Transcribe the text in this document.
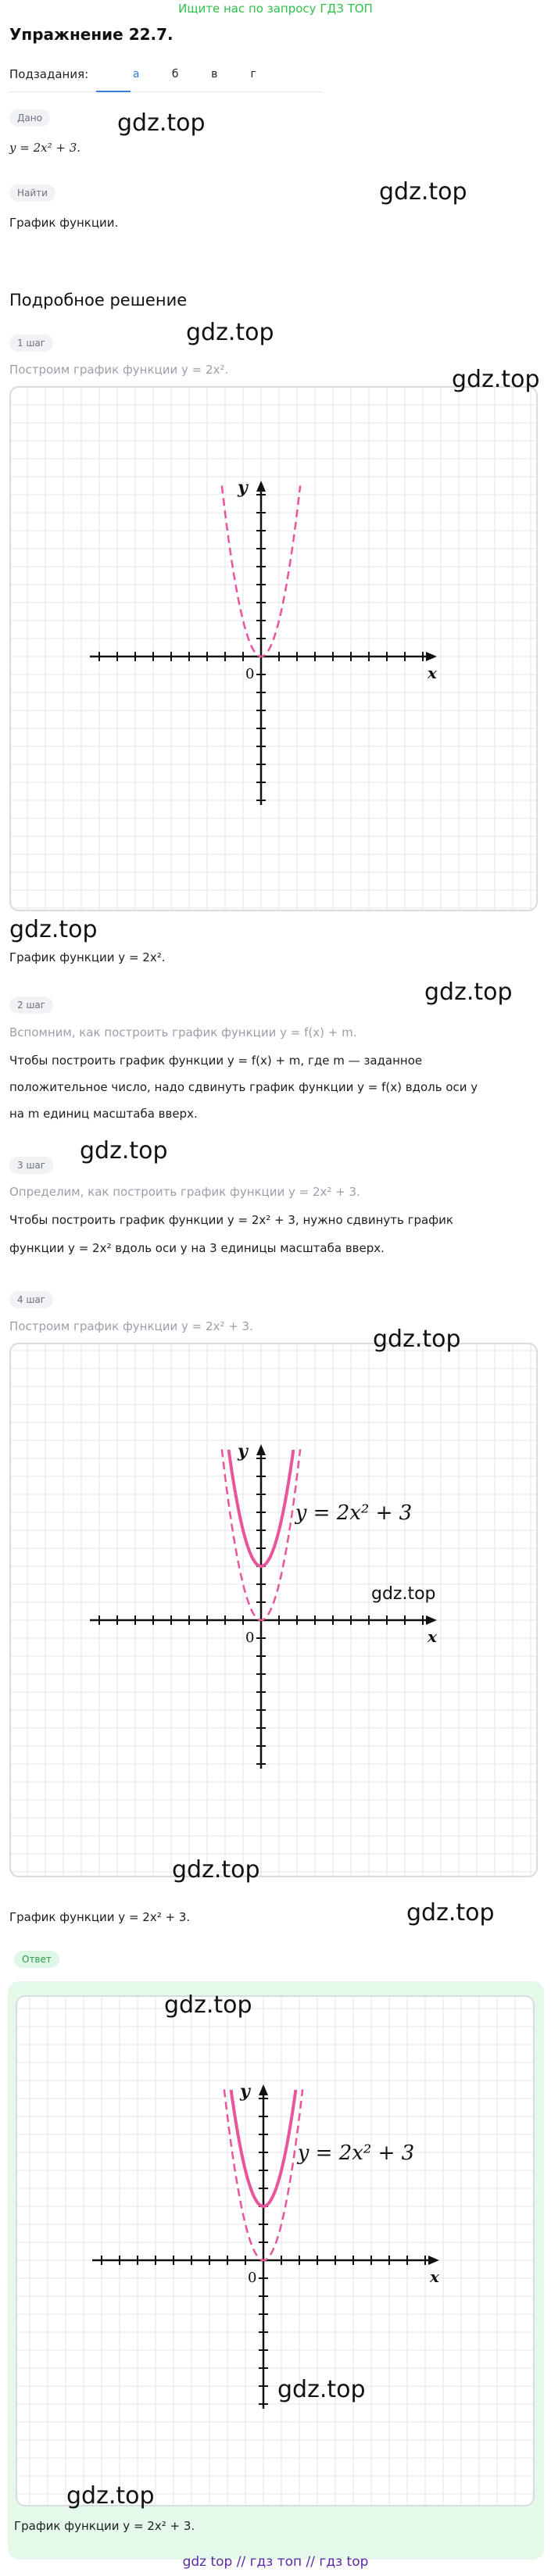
Ищите нас по запросу ГДЗ ТОП
Упражнение 22.7.
Подзадания:	а	б	в	г
Дано
y = 2x² + 3.
Найти
График функции.
Подробное решение
1 шаг
Построим график функции y = 2x².
x
y
0
График функции y = 2x².
2 шаг
Вспомним, как построить график функции y = f(x) + m.
Чтобы построить график функции y = f(x) + m, где m — заданное
положительное число, надо сдвинуть график функции y = f(x) вдоль оси y
на m единиц масштаба вверх.
3 шаг
Определим, как построить график функции y = 2x² + 3.
Чтобы построить график функции y = 2x² + 3, нужно сдвинуть график
функции y = 2x² вдоль оси y на 3 единицы масштаба вверх.
4 шаг
Построим график функции y = 2x² + 3.
x
y
0
y = 2x² + 3
График функции y = 2x² + 3.
Ответ
x
y
0
y = 2x² + 3
График функции y = 2x² + 3.
gdz.top
gdz.top
gdz.top
gdz.top
gdz.top
gdz.top
gdz.top
gdz.top
gdz.top
gdz.top
gdz.top
gdz.top
gdz.top
gdz.top
gdz top // гдз топ // гдз top
